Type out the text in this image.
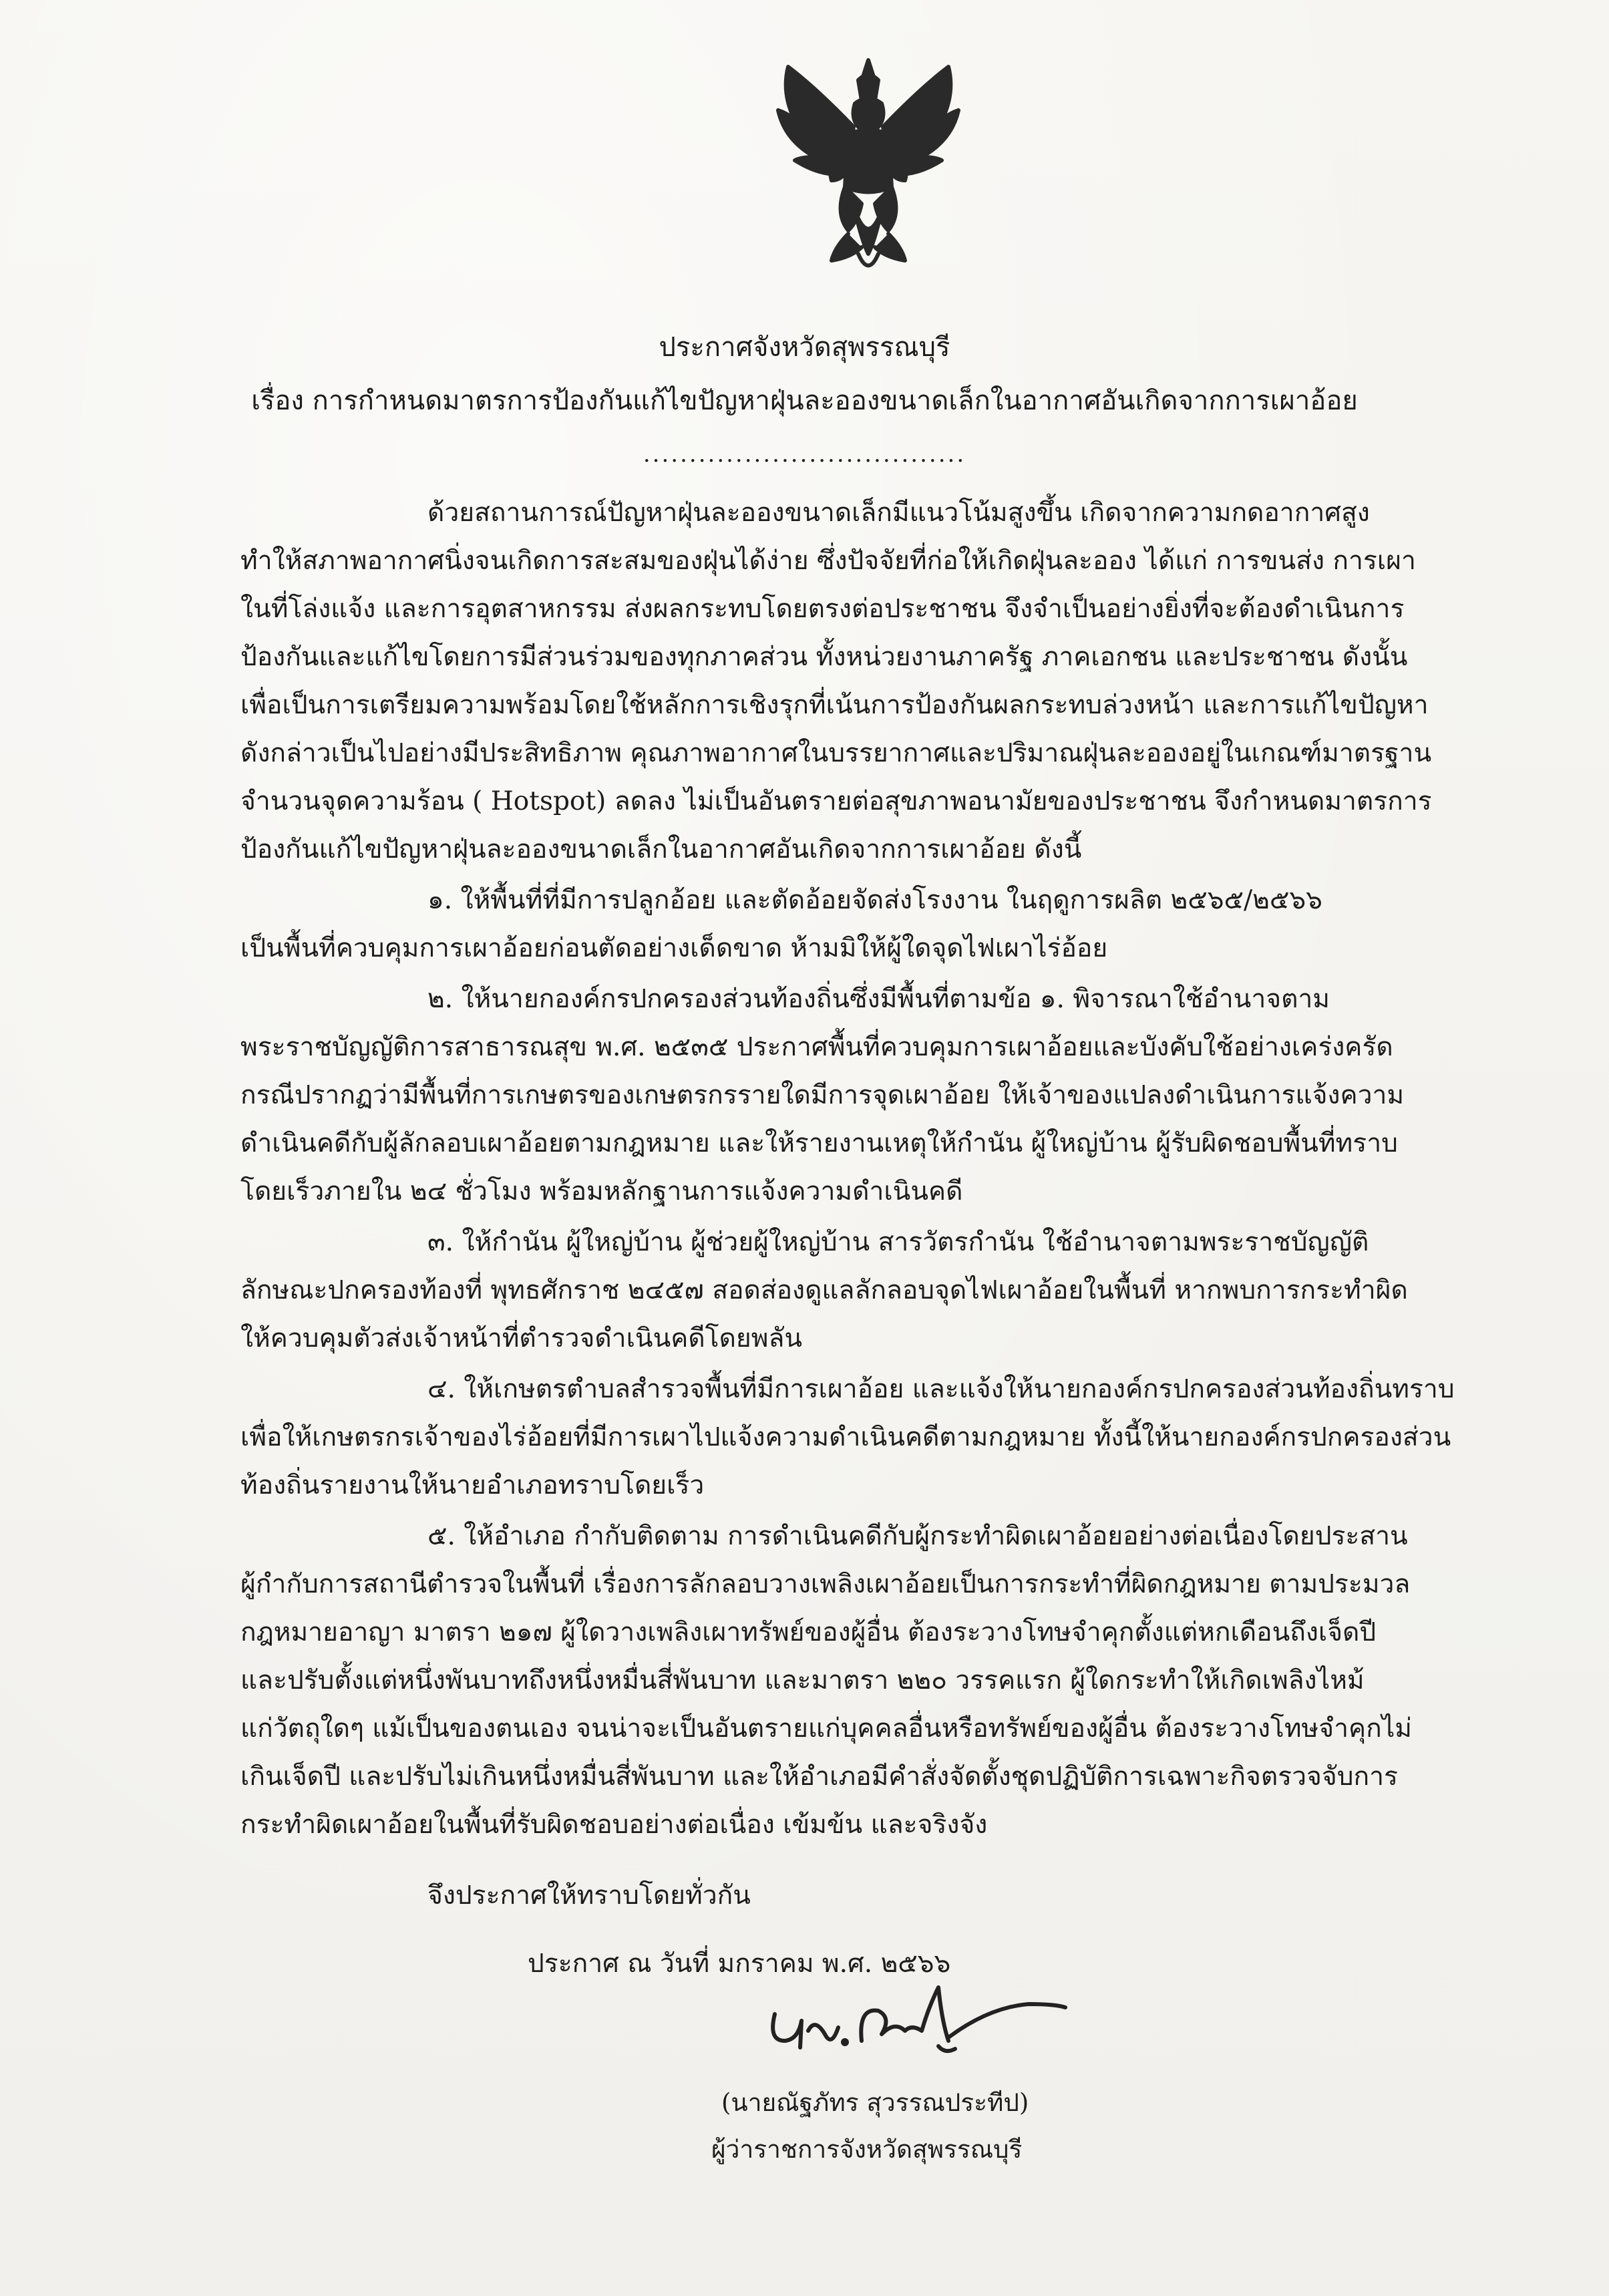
ประกาศจังหวัดสุพรรณบุรี
เรื่อง การกำหนดมาตรการป้องกันแก้ไขปัญหาฝุ่นละอองขนาดเล็กในอากาศอันเกิดจากการเผาอ้อย
...................................
ด้วยสถานการณ์ปัญหาฝุ่นละอองขนาดเล็กมีแนวโน้มสูงขึ้น เกิดจากความกดอากาศสูง
ทำให้สภาพอากาศนิ่งจนเกิดการสะสมของฝุ่นได้ง่าย ซึ่งปัจจัยที่ก่อให้เกิดฝุ่นละออง ได้แก่ การขนส่ง การเผา
ในที่โล่งแจ้ง และการอุตสาหกรรม ส่งผลกระทบโดยตรงต่อประชาชน จึงจำเป็นอย่างยิ่งที่จะต้องดำเนินการ
ป้องกันและแก้ไขโดยการมีส่วนร่วมของทุกภาคส่วน ทั้งหน่วยงานภาครัฐ ภาคเอกชน และประชาชน ดังนั้น
เพื่อเป็นการเตรียมความพร้อมโดยใช้หลักการเชิงรุกที่เน้นการป้องกันผลกระทบล่วงหน้า และการแก้ไขปัญหา
ดังกล่าวเป็นไปอย่างมีประสิทธิภาพ คุณภาพอากาศในบรรยากาศและปริมาณฝุ่นละอองอยู่ในเกณฑ์มาตรฐาน
จำนวนจุดความร้อน ( Hotspot) ลดลง ไม่เป็นอันตรายต่อสุขภาพอนามัยของประชาชน จึงกำหนดมาตรการ
ป้องกันแก้ไขปัญหาฝุ่นละอองขนาดเล็กในอากาศอันเกิดจากการเผาอ้อย ดังนี้
๑. ให้พื้นที่ที่มีการปลูกอ้อย และตัดอ้อยจัดส่งโรงงาน ในฤดูการผลิต ๒๕๖๕/๒๕๖๖
เป็นพื้นที่ควบคุมการเผาอ้อยก่อนตัดอย่างเด็ดขาด ห้ามมิให้ผู้ใดจุดไฟเผาไร่อ้อย
๒. ให้นายกองค์กรปกครองส่วนท้องถิ่นซึ่งมีพื้นที่ตามข้อ ๑. พิจารณาใช้อำนาจตาม
พระราชบัญญัติการสาธารณสุข พ.ศ. ๒๕๓๕ ประกาศพื้นที่ควบคุมการเผาอ้อยและบังคับใช้อย่างเคร่งครัด
กรณีปรากฏว่ามีพื้นที่การเกษตรของเกษตรกรรายใดมีการจุดเผาอ้อย ให้เจ้าของแปลงดำเนินการแจ้งความ
ดำเนินคดีกับผู้ลักลอบเผาอ้อยตามกฎหมาย และให้รายงานเหตุให้กำนัน ผู้ใหญ่บ้าน ผู้รับผิดชอบพื้นที่ทราบ
โดยเร็วภายใน ๒๔ ชั่วโมง พร้อมหลักฐานการแจ้งความดำเนินคดี
๓. ให้กำนัน ผู้ใหญ่บ้าน ผู้ช่วยผู้ใหญ่บ้าน สารวัตรกำนัน ใช้อำนาจตามพระราชบัญญัติ
ลักษณะปกครองท้องที่ พุทธศักราช ๒๔๕๗ สอดส่องดูแลลักลอบจุดไฟเผาอ้อยในพื้นที่ หากพบการกระทำผิด
ให้ควบคุมตัวส่งเจ้าหน้าที่ตำรวจดำเนินคดีโดยพลัน
๔. ให้เกษตรตำบลสำรวจพื้นที่มีการเผาอ้อย และแจ้งให้นายกองค์กรปกครองส่วนท้องถิ่นทราบ
เพื่อให้เกษตรกรเจ้าของไร่อ้อยที่มีการเผาไปแจ้งความดำเนินคดีตามกฎหมาย ทั้งนี้ให้นายกองค์กรปกครองส่วน
ท้องถิ่นรายงานให้นายอำเภอทราบโดยเร็ว
๕. ให้อำเภอ กำกับติดตาม การดำเนินคดีกับผู้กระทำผิดเผาอ้อยอย่างต่อเนื่องโดยประสาน
ผู้กำกับการสถานีตำรวจในพื้นที่ เรื่องการลักลอบวางเพลิงเผาอ้อยเป็นการกระทำที่ผิดกฎหมาย ตามประมวล
กฎหมายอาญา มาตรา ๒๑๗ ผู้ใดวางเพลิงเผาทรัพย์ของผู้อื่น ต้องระวางโทษจำคุกตั้งแต่หกเดือนถึงเจ็ดปี
และปรับตั้งแต่หนึ่งพันบาทถึงหนึ่งหมื่นสี่พันบาท และมาตรา ๒๒๐ วรรคแรก ผู้ใดกระทำให้เกิดเพลิงไหม้
แก่วัตถุใดๆ แม้เป็นของตนเอง จนน่าจะเป็นอันตรายแก่บุคคลอื่นหรือทรัพย์ของผู้อื่น ต้องระวางโทษจำคุกไม่
เกินเจ็ดปี และปรับไม่เกินหนึ่งหมื่นสี่พันบาท และให้อำเภอมีคำสั่งจัดตั้งชุดปฏิบัติการเฉพาะกิจตรวจจับการ
กระทำผิดเผาอ้อยในพื้นที่รับผิดชอบอย่างต่อเนื่อง เข้มข้น และจริงจัง
จึงประกาศให้ทราบโดยทั่วกัน
ประกาศ ณ วันที่ มกราคม พ.ศ. ๒๕๖๖
(นายณัฐภัทร สุวรรณประทีป)
ผู้ว่าราชการจังหวัดสุพรรณบุรี
